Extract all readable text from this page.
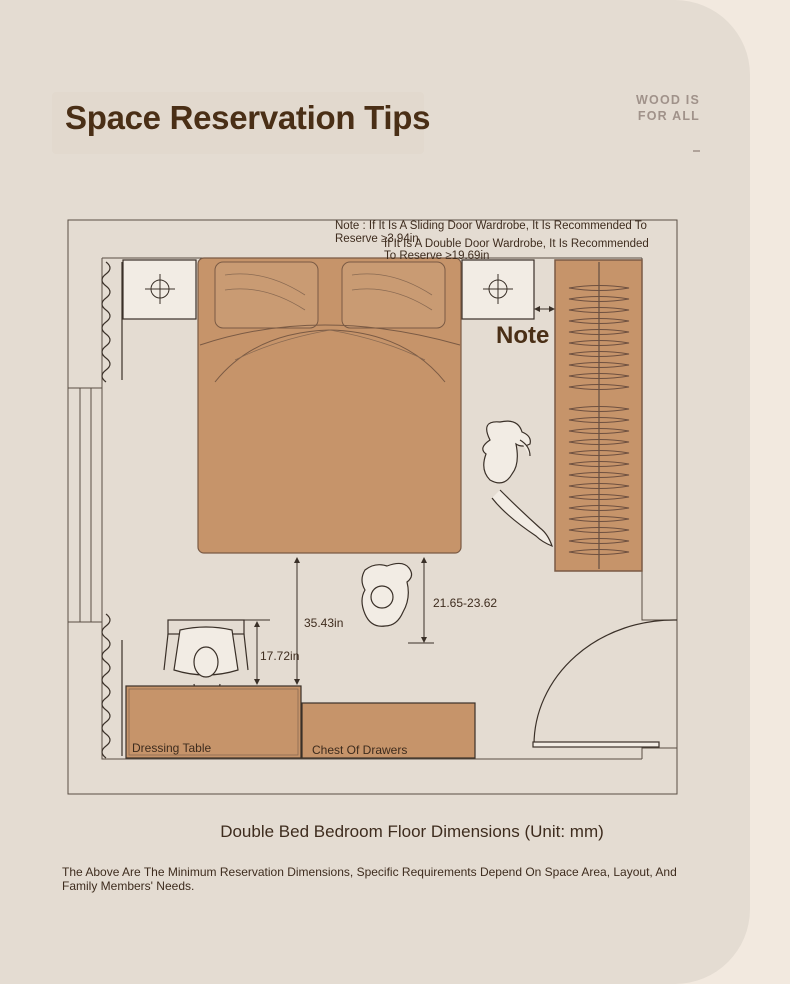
Space Reservation Tips	WOOD IS
FOR ALL
Note : If It Is A Sliding Door Wardrobe, It Is Recommended To
Reserve ≥3.94in
If It Is A Double Door Wardrobe, It Is Recommended
To Reserve ≥19.69in
Note
35.43in
21.65-23.62
17.72in
Dressing Table	Chest Of Drawers
Double Bed Bedroom Floor Dimensions (Unit: mm)
The Above Are The Minimum Reservation Dimensions, Specific Requirements Depend On Space Area, Layout, And Family Members' Needs.
